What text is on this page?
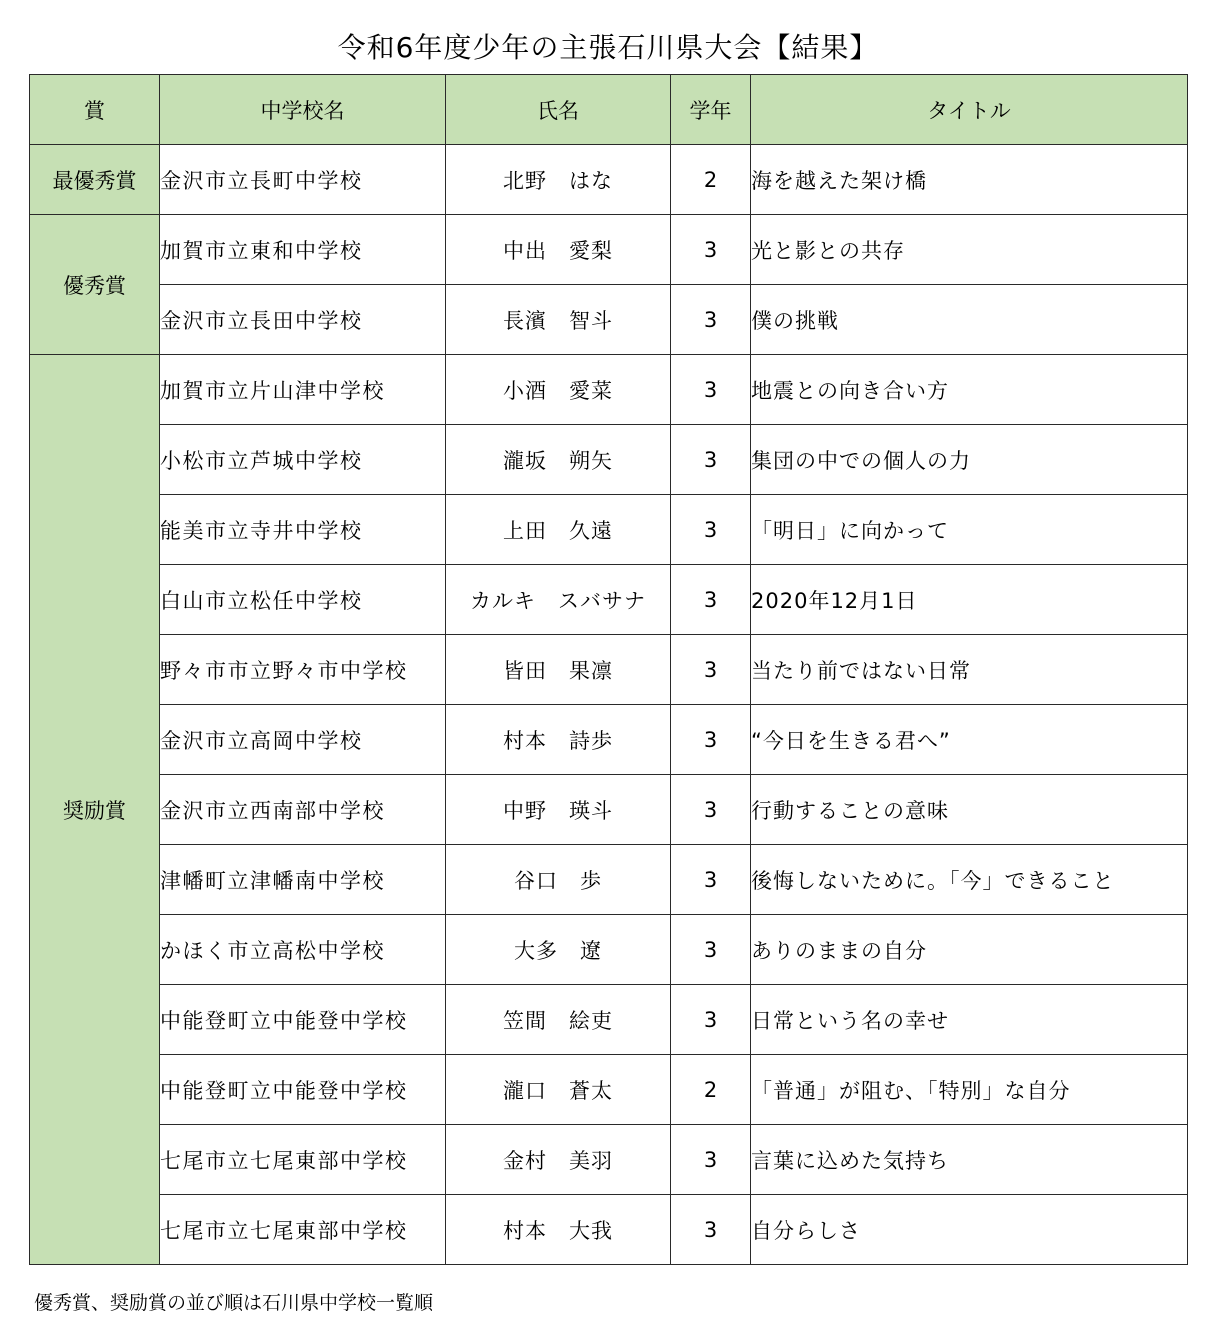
令和6年度少年の主張石川県大会【結果】
賞	中学校名	氏名	学年	タイトル
最優秀賞	金沢市立長町中学校	北野　はな	2	海を越えた架け橋
優秀賞	加賀市立東和中学校	中出　愛梨	3	光と影との共存
	金沢市立長田中学校	長濱　智斗	3	僕の挑戦
奨励賞	加賀市立片山津中学校	小酒　愛菜	3	地震との向き合い方
	小松市立芦城中学校	瀧坂　朔矢	3	集団の中での個人の力
	能美市立寺井中学校	上田　久遠	3	「明日」に向かって
	白山市立松任中学校	カルキ　スバサナ	3	2020年12月1日
	野々市市立野々市中学校	皆田　果凛	3	当たり前ではない日常
	金沢市立高岡中学校	村本　詩歩	3	“今日を生きる君へ”
	金沢市立西南部中学校	中野　瑛斗	3	行動することの意味
	津幡町立津幡南中学校	谷口　歩	3	後悔しないために。「今」できること
	かほく市立高松中学校	大多　遼	3	ありのままの自分
	中能登町立中能登中学校	笠間　絵吏	3	日常という名の幸せ
	中能登町立中能登中学校	瀧口　蒼太	2	「普通」が阻む、「特別」な自分
	七尾市立七尾東部中学校	金村　美羽	3	言葉に込めた気持ち
	七尾市立七尾東部中学校	村本　大我	3	自分らしさ
優秀賞、奨励賞の並び順は石川県中学校一覧順
